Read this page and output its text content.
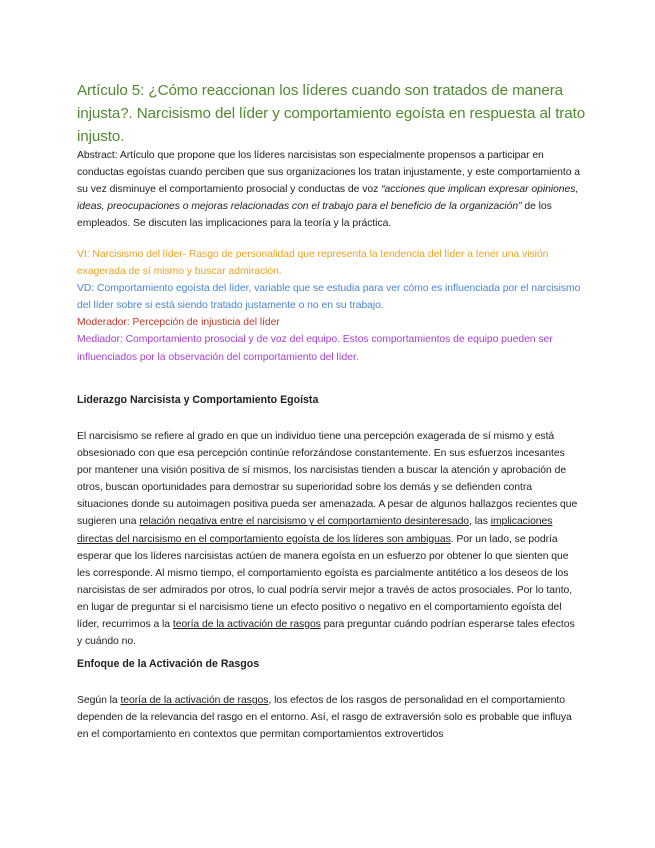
Artículo 5: ¿Cómo reaccionan los líderes cuando son tratados de manera injusta?. Narcisismo del líder y comportamiento egoísta en respuesta al trato injusto.

Abstract: Artículo que propone que los líderes narcisistas son especialmente propensos a participar en conductas egoístas cuando perciben que sus organizaciones los tratan injustamente, y este comportamiento a su vez disminuye el comportamiento prosocial y conductas de voz “acciones que implican expresar opiniones, ideas, preocupaciones o mejoras relacionadas con el trabajo para el beneficio de la organización” de los empleados. Se discuten las implicaciones para la teoría y la práctica.

VI: Narcisismo del líder- Rasgo de personalidad que representa la tendencia del líder a tener una visión exagerada de sí mismo y buscar admiración.
VD: Comportamiento egoísta del líder, variable que se estudia para ver cómo es influenciada por el narcisismo del líder sobre si está siendo tratado justamente o no en su trabajo.
Moderador: Percepción de injusticia del líder
Mediador: Comportamiento prosocial y de voz del equipo. Estos comportamientos de equipo pueden ser influenciados por la observación del comportamiento del líder.
Liderazgo Narcisista y Comportamiento Egoísta

El narcisismo se refiere al grado en que un individuo tiene una percepción exagerada de sí mismo y está obsesionado con que esa percepción continúe reforzándose constantemente. En sus esfuerzos incesantes por mantener una visión positiva de sí mismos, los narcisistas tienden a buscar la atención y aprobación de otros, buscan oportunidades para demostrar su superioridad sobre los demás y se defienden contra situaciones donde su autoimagen positiva pueda ser amenazada. A pesar de algunos hallazgos recientes que sugieren una relación negativa entre el narcisismo y el comportamiento desinteresado, las implicaciones directas del narcisismo en el comportamiento egoísta de los líderes son ambiguas. Por un lado, se podría esperar que los líderes narcisistas actúen de manera egoísta en un esfuerzo por obtener lo que sienten que les corresponde. Al mismo tiempo, el comportamiento egoísta es parcialmente antitético a los deseos de los narcisistas de ser admirados por otros, lo cual podría servir mejor a través de actos prosociales. Por lo tanto, en lugar de preguntar si el narcisismo tiene un efecto positivo o negativo en el comportamiento egoísta del líder, recurrimos a la teoría de la activación de rasgos para preguntar cuándo podrían esperarse tales efectos y cuándo no.

Enfoque de la Activación de Rasgos

Según la teoría de la activación de rasgos, los efectos de los rasgos de personalidad en el comportamiento dependen de la relevancia del rasgo en el entorno. Así, el rasgo de extraversión solo es probable que influya en el comportamiento en contextos que permitan comportamientos extrovertidos
